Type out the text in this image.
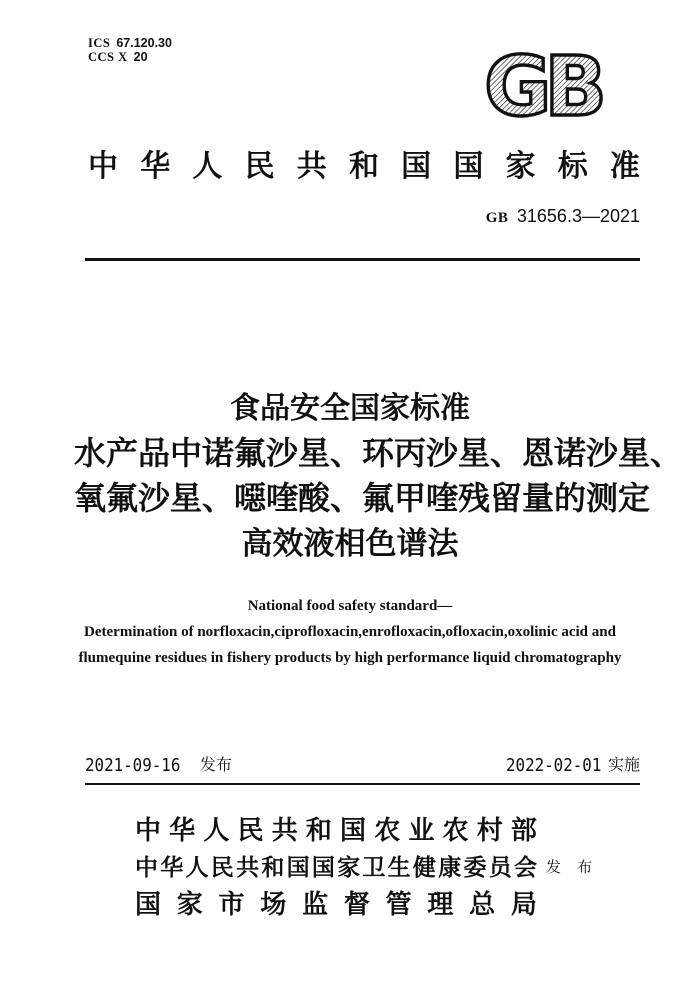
ICS 67.120.30
CCS X 20	GB
中 华 人 民 共 和 国 国 家 标 准
GB 31656.3—2021
食品安全国家标准
水产品中诺氟沙星、环丙沙星、恩诺沙星、
氧氟沙星、噁喹酸、氟甲喹残留量的测定
高效液相色谱法
National food safety standard—
Determination of norfloxacin,ciprofloxacin,enrofloxacin,ofloxacin,oxolinic acid and
flumequine residues in fishery products by high performance liquid chromatography
2021-09-16 发布	2022-02-01 实施
中 华 人 民 共 和 国 农 业 农 村 部
中 华 人 民 共 和 国 国 家 卫 生 健 康 委 员 会
国 家 市 场 监 督 管 理 总 局
发 布
